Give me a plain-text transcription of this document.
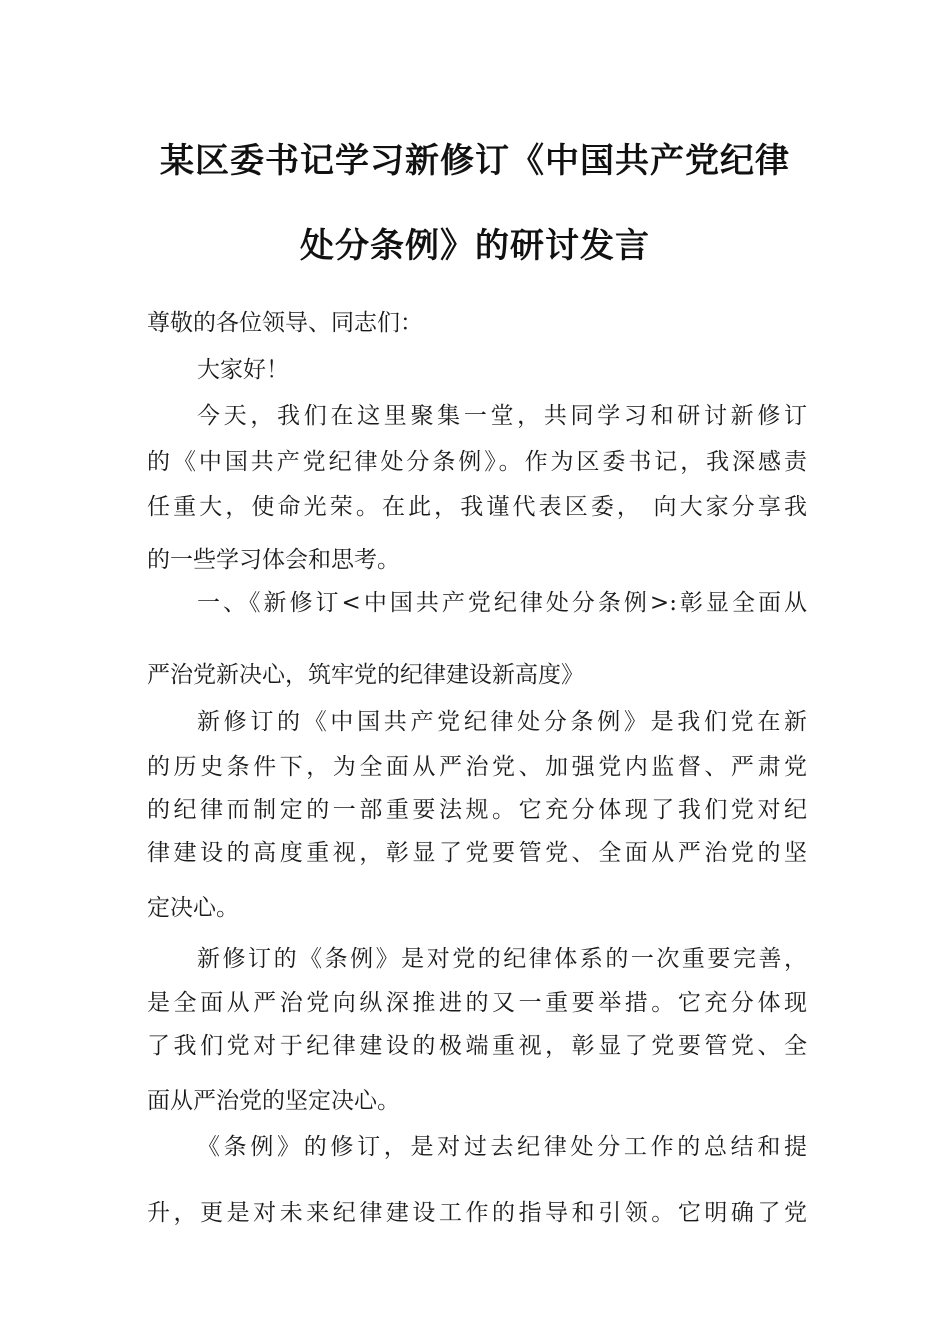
某区委书记学习新修订《中国共产党纪律
处分条例》的研讨发言
尊敬的各位领导、同志们：
大家好！
今天，我们在这里聚集一堂，共同学习和研讨新修订
的《中国共产党纪律处分条例》。作为区委书记，我深感责
任重大，使命光荣。在此，我谨代表区委， 向大家分享我
的一些学习体会和思考。
一、《新修订<中国共产党纪律处分条例>:彰显全面从
严治党新决心，筑牢党的纪律建设新高度》
新修订的《中国共产党纪律处分条例》是我们党在新
的历史条件下，为全面从严治党、加强党内监督、严肃党
的纪律而制定的一部重要法规。它充分体现了我们党对纪
律建设的高度重视，彰显了党要管党、全面从严治党的坚
定决心。
新修订的《条例》是对党的纪律体系的一次重要完善，
是全面从严治党向纵深推进的又一重要举措。它充分体现
了我们党对于纪律建设的极端重视，彰显了党要管党、全
面从严治党的坚定决心。
《条例》的修订，是对过去纪律处分工作的总结和提
升，更是对未来纪律建设工作的指导和引领。它明确了党
